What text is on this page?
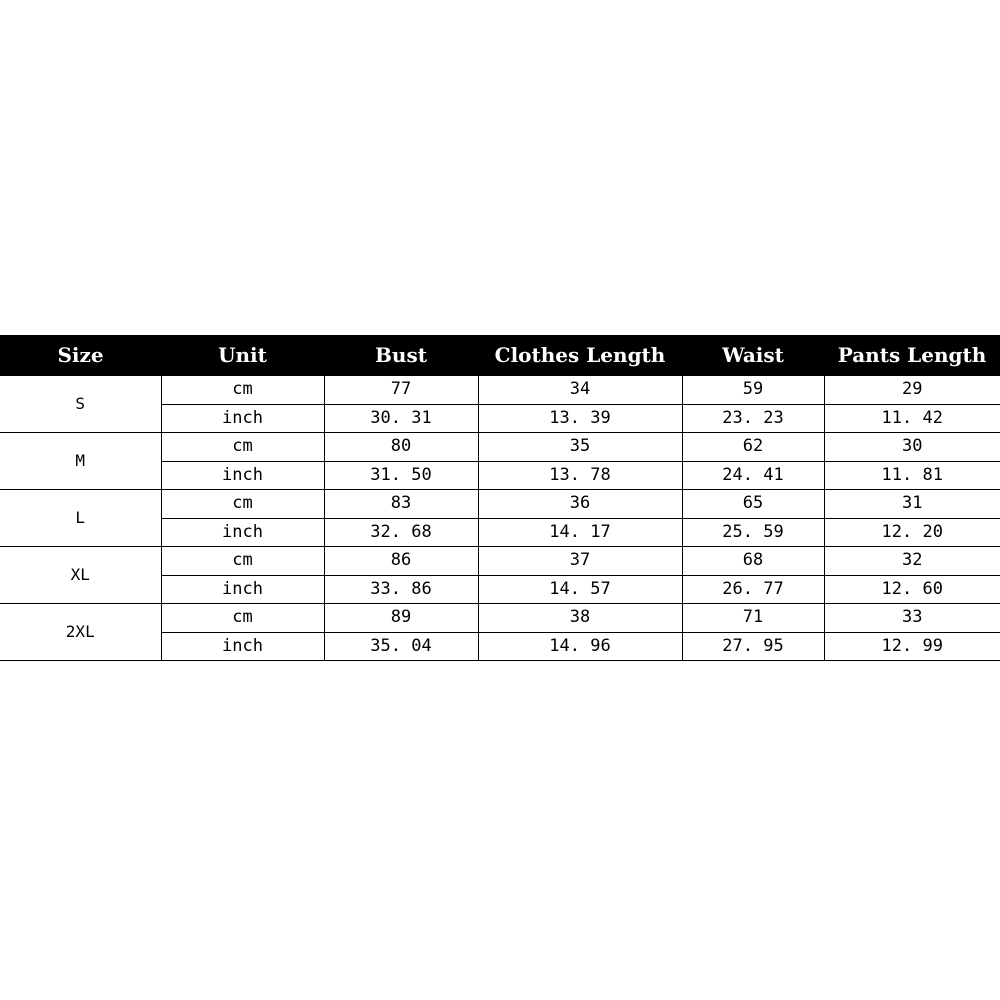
Size	Unit	Bust	Clothes Length	Waist	Pants Length
S	cm	77	34	59	29
	inch	30. 31	13. 39	23. 23	11. 42
M	cm	80	35	62	30
	inch	31. 50	13. 78	24. 41	11. 81
L	cm	83	36	65	31
	inch	32. 68	14. 17	25. 59	12. 20
XL	cm	86	37	68	32
	inch	33. 86	14. 57	26. 77	12. 60
2XL	cm	89	38	71	33
	inch	35. 04	14. 96	27. 95	12. 99
